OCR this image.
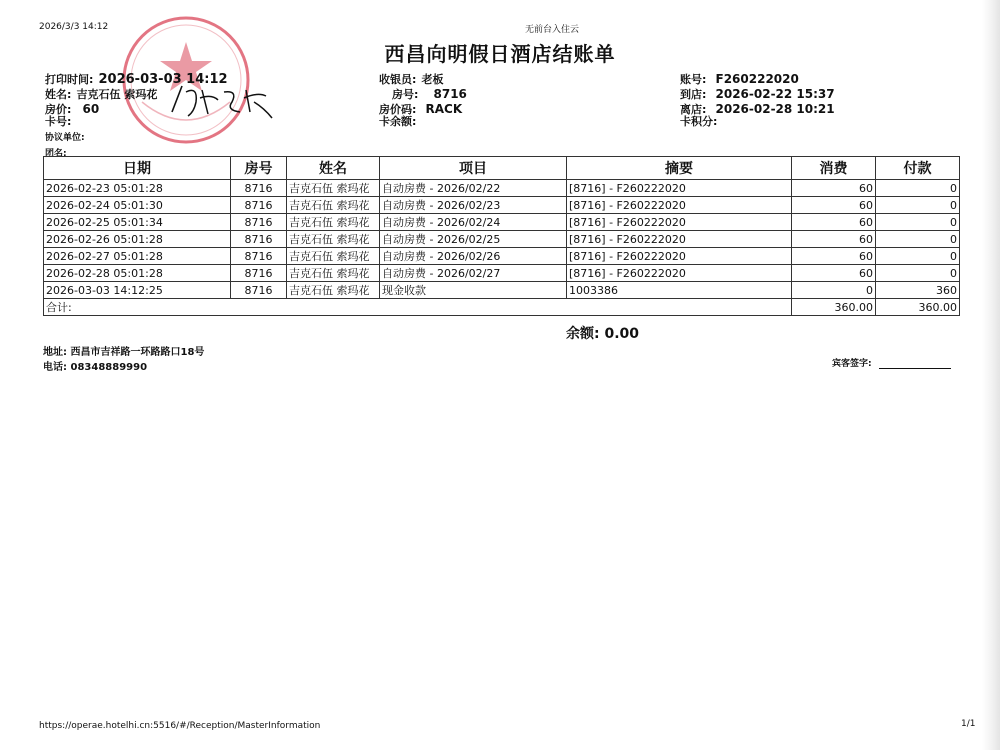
2026/3/3 14:12	无前台入住云
西昌向明假日酒店结账单
打印时间: 2026-03-03 14:12
姓名: 吉克石伍 索玛花
房价: 60
卡号:
协议单位:
团名:
收银员: 老板
房号: 8716
房价码: RACK
卡余额:
账号: F260222020
到店: 2026-02-22 15:37
离店: 2026-02-28 10:21
卡积分:
日期	房号	姓名	项目	摘要	消费	付款
2026-02-23 05:01:28	8716	吉克石伍 索玛花	自动房费 - 2026/02/22	[8716] - F260222020	60	0
2026-02-24 05:01:30	8716	吉克石伍 索玛花	自动房费 - 2026/02/23	[8716] - F260222020	60	0
2026-02-25 05:01:34	8716	吉克石伍 索玛花	自动房费 - 2026/02/24	[8716] - F260222020	60	0
2026-02-26 05:01:28	8716	吉克石伍 索玛花	自动房费 - 2026/02/25	[8716] - F260222020	60	0
2026-02-27 05:01:28	8716	吉克石伍 索玛花	自动房费 - 2026/02/26	[8716] - F260222020	60	0
2026-02-28 05:01:28	8716	吉克石伍 索玛花	自动房费 - 2026/02/27	[8716] - F260222020	60	0
2026-03-03 14:12:25	8716	吉克石伍 索玛花	现金收款	1003386	0	360
合计:					360.00	360.00
余额: 0.00
地址: 西昌市吉祥路一环路路口18号
电话: 08348889990	宾客签字:
https://operae.hotelhi.cn:5516/#/Reception/MasterInformation	1/1
